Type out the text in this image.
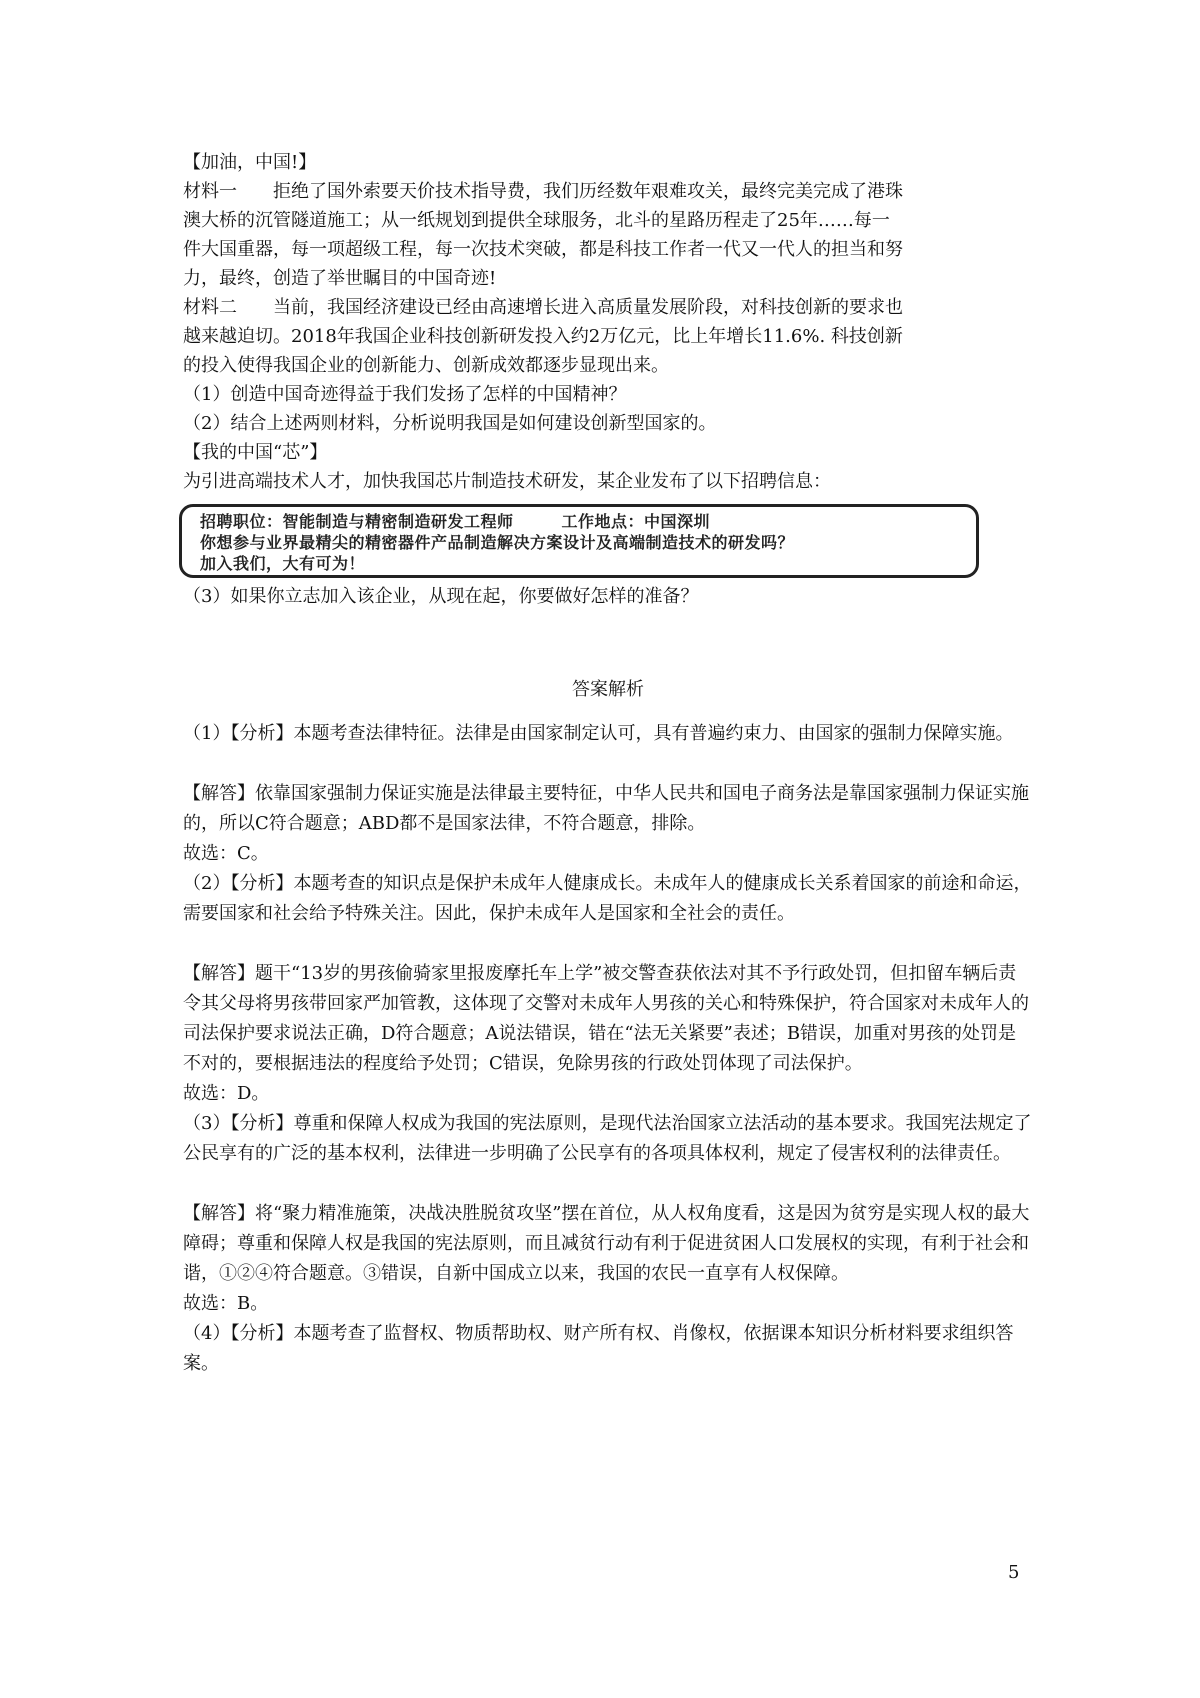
【加油，中国!】
材料一　　拒绝了国外索要天价技术指导费，我们历经数年艰难攻关，最终完美完成了港珠
澳大桥的沉管隧道施工；从一纸规划到提供全球服务，北斗的星路历程走了25年……每一
件大国重器，每一项超级工程，每一次技术突破，都是科技工作者一代又一代人的担当和努
力，最终，创造了举世瞩目的中国奇迹!
材料二　　当前，我国经济建设已经由高速增长进入高质量发展阶段，对科技创新的要求也
越来越迫切。2018年我国企业科技创新研发投入约2万亿元，比上年增长11.6%. 科技创新
的投入使得我国企业的创新能力、创新成效都逐步显现出来。
（1）创造中国奇迹得益于我们发扬了怎样的中国精神？
（2）结合上述两则材料，分析说明我国是如何建设创新型国家的。
【我的中国“芯”】
为引进高端技术人才，加快我国芯片制造技术研发，某企业发布了以下招聘信息：
招聘职位：智能制造与精密制造研发工程师	工作地点：中国深圳
你想参与业界最精尖的精密器件产品制造解决方案设计及高端制造技术的研发吗？
加入我们，大有可为！
（3）如果你立志加入该企业，从现在起，你要做好怎样的准备？
答案解析
（1）【分析】本题考查法律特征。法律是由国家制定认可，具有普遍约束力、由国家的强制力保障实施。
【解答】依靠国家强制力保证实施是法律最主要特征，中华人民共和国电子商务法是靠国家强制力保证实施的，所以C符合题意；ABD都不是国家法律，不符合题意，排除。
故选：C。
（2）【分析】本题考查的知识点是保护未成年人健康成长。未成年人的健康成长关系着国家的前途和命运，需要国家和社会给予特殊关注。因此，保护未成年人是国家和全社会的责任。
【解答】题干“13岁的男孩偷骑家里报废摩托车上学”被交警查获依法对其不予行政处罚，但扣留车辆后责令其父母将男孩带回家严加管教，这体现了交警对未成年人男孩的关心和特殊保护，符合国家对未成年人的司法保护要求说法正确，D符合题意；A说法错误，错在“法无关紧要”表述；B错误，加重对男孩的处罚是不对的，要根据违法的程度给予处罚；C错误，免除男孩的行政处罚体现了司法保护。
故选：D。
（3）【分析】尊重和保障人权成为我国的宪法原则，是现代法治国家立法活动的基本要求。我国宪法规定了公民享有的广泛的基本权利，法律进一步明确了公民享有的各项具体权利，规定了侵害权利的法律责任。
【解答】将“聚力精准施策，决战决胜脱贫攻坚”摆在首位，从人权角度看，这是因为贫穷是实现人权的最大障碍；尊重和保障人权是我国的宪法原则，而且减贫行动有利于促进贫困人口发展权的实现，有利于社会和谐，①②④符合题意。③错误，自新中国成立以来，我国的农民一直享有人权保障。
故选：B。
（4）【分析】本题考查了监督权、物质帮助权、财产所有权、肖像权，依据课本知识分析材料要求组织答案。
5
